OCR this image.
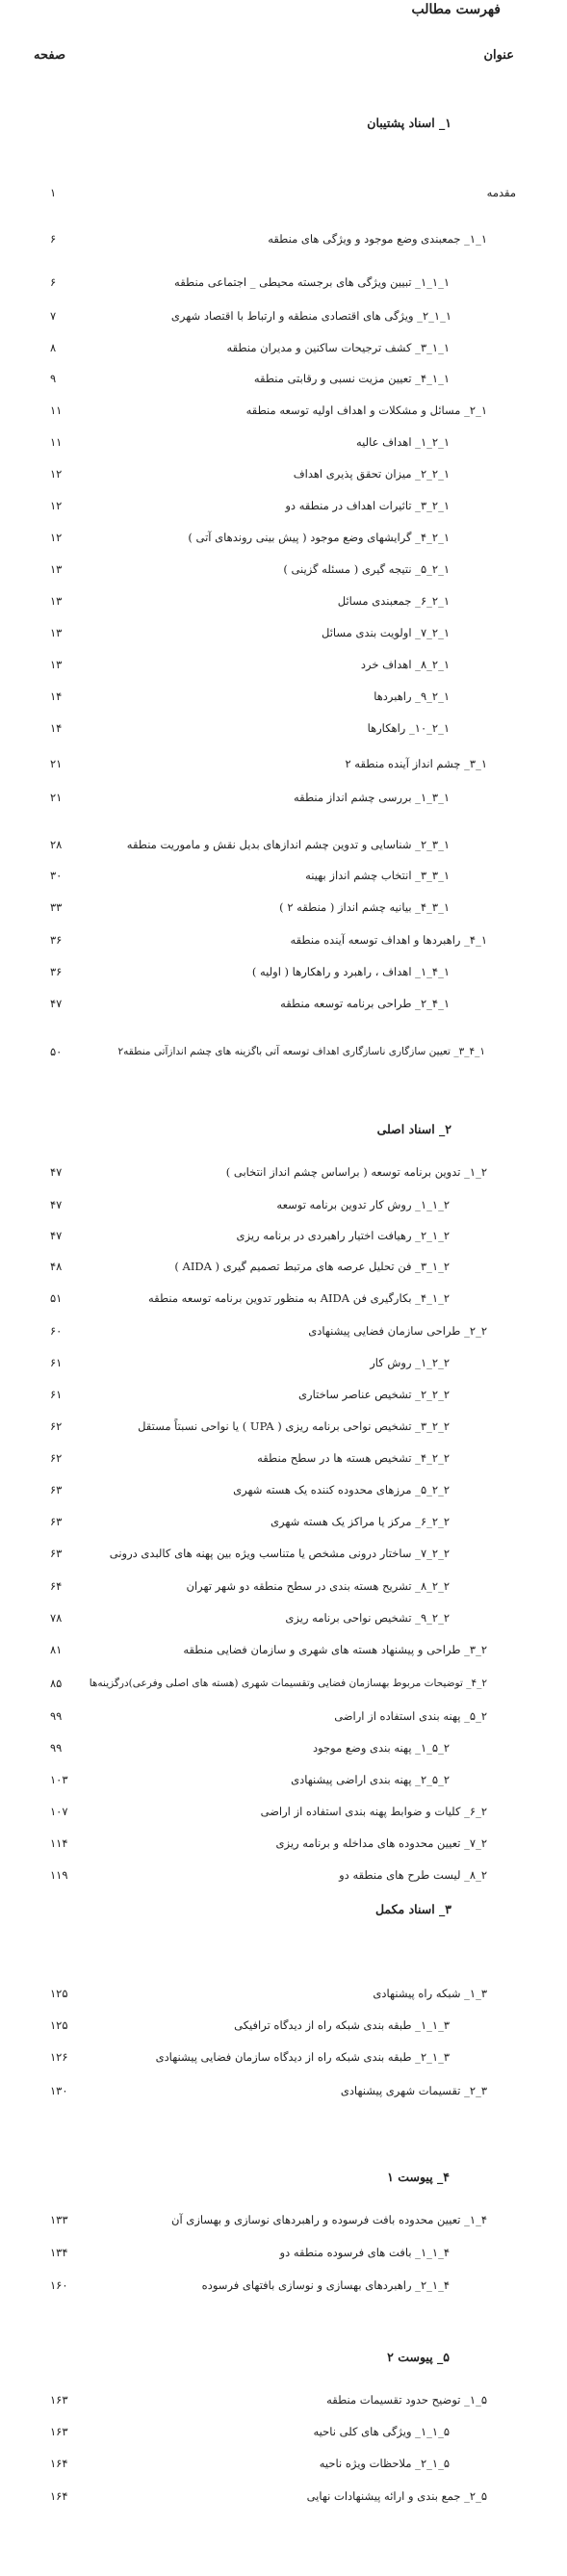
فهرست مطالب
عنوان
صفحه
۱_ اسناد پشتیبان
مقدمه
۱
۱_۱_ جمعبندی وضع موجود و ویژگی های منطقه
۶
۱_۱_۱_ تبیین ویژگی های برجسته محیطی _ اجتماعی منطقه
۶
۱_۱_۲_ ویژگی های اقتصادی منطقه و ارتباط با اقتصاد شهری
۷
۱_۱_۳_ کشف ترجیحات ساکنین و مدیران منطقه
۸
۱_۱_۴_ تعیین مزیت نسبی و رقابتی منطقه
۹
۱_۲_ مسائل و مشکلات و اهداف اولیه توسعه منطقه
۱۱
۱_۲_۱_ اهداف عالیه
۱۱
۱_۲_۲_ میزان تحقق پذیری اهداف
۱۲
۱_۲_۳_ تاثیرات اهداف در منطقه دو
۱۲
۱_۲_۴_ گرایشهای وضع موجود ( پیش بینی روندهای آتی )
۱۲
۱_۲_۵_ نتیجه گیری ( مسئله گزینی )
۱۳
۱_۲_۶_ جمعبندی مسائل
۱۳
۱_۲_۷_ اولویت بندی مسائل
۱۳
۱_۲_۸_ اهداف خرد
۱۳
۱_۲_۹_ راهبردها
۱۴
۱_۲_۱۰_ راهکارها
۱۴
۱_۳_ چشم انداز آینده منطقه ۲
۲۱
۱_۳_۱_ بررسی چشم انداز منطقه
۲۱
۱_۳_۲_ شناسایی و تدوین چشم اندازهای بدیل نقش و ماموریت منطقه
۲۸
۱_۳_۳_ انتخاب چشم انداز بهینه
۳۰
۱_۳_۴_ بیانیه چشم انداز ( منطقه ۲ )
۳۳
۱_۴_ راهبردها و اهداف توسعه آینده منطقه
۳۶
۱_۴_۱_ اهداف ، راهبرد و راهکارها ( اولیه )
۳۶
۱_۴_۲_ طراحی برنامه توسعه منطقه
۴۷
۱_۴_۳_ تعیین سازگاری ناسازگاری اهداف توسعه آتی باگزینه های چشم اندازآتی منطقه۲
۵۰
۲_ اسناد اصلی
۲_۱_ تدوین برنامه توسعه ( براساس چشم انداز انتخابی )
۴۷
۲_۱_۱_ روش کار تدوین برنامه توسعه
۴۷
۲_۱_۲_ رهیافت اختیار راهبردی در برنامه ریزی
۴۷
۲_۱_۳_ فن تحلیل عرصه های مرتبط تصمیم گیری ( AIDA )
۴۸
۲_۱_۴_ بکارگیری فن AIDA به منظور تدوین برنامه توسعه منطقه
۵۱
۲_۲_ طراحی سازمان فضایی پیشنهادی
۶۰
۲_۲_۱_ روش کار
۶۱
۲_۲_۲_ تشخیص عناصر ساختاری
۶۱
۲_۲_۳_ تشخیص نواحی برنامه ریزی ( UPA ) یا نواحی نسبتاً مستقل
۶۲
۲_۲_۴_ تشخیص هسته ها در سطح منطقه
۶۲
۲_۲_۵_ مرزهای محدوده کننده یک هسته شهری
۶۳
۲_۲_۶_ مرکز یا مراکز یک هسته شهری
۶۳
۲_۲_۷_ ساختار درونی مشخص یا متناسب ویژه بین پهنه های کالبدی درونی
۶۳
۲_۲_۸_ تشریح هسته بندی در سطح منطقه دو شهر تهران
۶۴
۲_۲_۹_ تشخیص نواحی برنامه ریزی
۷۸
۲_۳_ طراحی و پیشنهاد هسته های شهری و سازمان فضایی منطقه
۸۱
۲_۴_ توضیحات مربوط بهسازمان فضایی وتقسیمات شهری (هسته های اصلی وفرعی)درگزینه‌ها
۸۵
۲_۵_ پهنه بندی استفاده از اراضی
۹۹
۲_۵_۱_ پهنه بندی وضع موجود
۹۹
۲_۵_۲_ پهنه بندی اراضی پیشنهادی
۱۰۳
۲_۶_ کلیات و ضوابط پهنه بندی استفاده از اراضی
۱۰۷
۲_۷_ تعیین محدوده های مداخله و برنامه ریزی
۱۱۴
۲_۸_ لیست طرح های منطقه دو
۱۱۹
۳_ اسناد مکمل
۳_۱_ شبکه راه پیشنهادی
۱۲۵
۳_۱_۱_ طبقه بندی شبکه راه از دیدگاه ترافیکی
۱۲۵
۳_۱_۲_ طبقه بندی شبکه راه از دیدگاه سازمان فضایی پیشنهادی
۱۲۶
۳_۲_ تقسیمات شهری پیشنهادی
۱۳۰
۴_ پیوست ۱
۴_۱_ تعیین محدوده بافت فرسوده و راهبردهای نوسازی و بهسازی آن
۱۳۳
۴_۱_۱_ بافت های فرسوده منطقه دو
۱۳۴
۴_۱_۲_ راهبردهای بهسازی و نوسازی بافتهای فرسوده
۱۶۰
۵_ پیوست ۲
۵_۱_ توضیح حدود تقسیمات منطقه
۱۶۳
۵_۱_۱_ ویژگی های کلی ناحیه
۱۶۳
۵_۱_۲_ ملاحظات ویژه ناحیه
۱۶۴
۵_۲_ جمع بندی و ارائه پیشنهادات نهایی
۱۶۴
